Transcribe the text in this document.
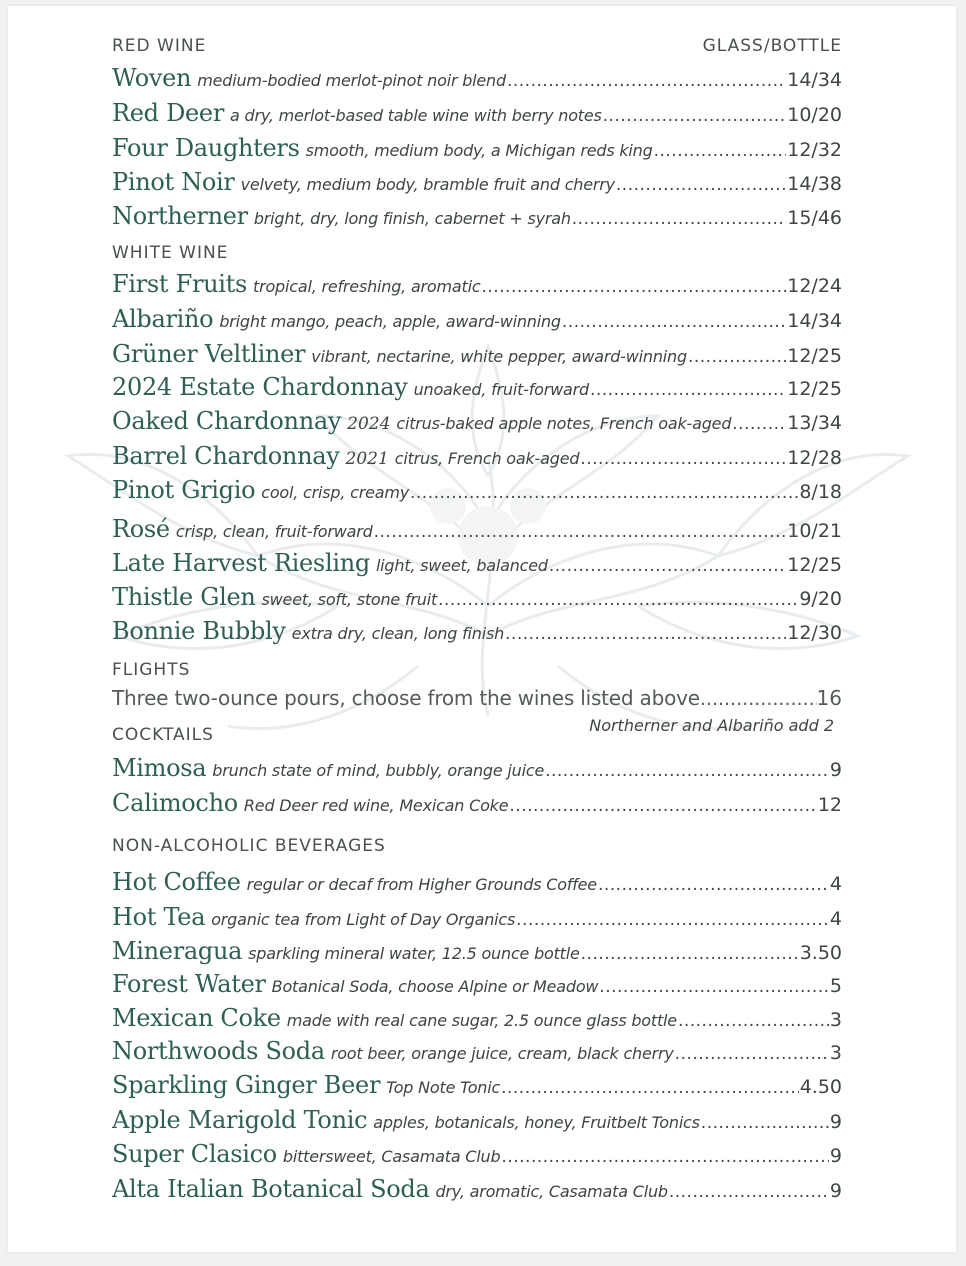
RED WINE	GLASS/BOTTLE
Woven medium-bodied merlot-pinot noir blend .....	14/34
Red Deer a dry, merlot-based table wine with berry notes .....	10/20
Four Daughters smooth, medium body, a Michigan reds king .....	12/32
Pinot Noir velvety, medium body, bramble fruit and cherry .....	14/38
Northerner bright, dry, long finish, cabernet + syrah .....	15/46
WHITE WINE
First Fruits tropical, refreshing, aromatic .....	12/24
Albariño bright mango, peach, apple, award-winning .....	14/34
Grüner Veltliner vibrant, nectarine, white pepper, award-winning .....	12/25
2024 Estate Chardonnay unoaked, fruit-forward .....	12/25
Oaked Chardonnay 2024 citrus-baked apple notes, French oak-aged .....	13/34
Barrel Chardonnay 2021 citrus, French oak-aged .....	12/28
Pinot Grigio cool, crisp, creamy .....	8/18
Rosé crisp, clean, fruit-forward .....	10/21
Late Harvest Riesling light, sweet, balanced .....	12/25
Thistle Glen sweet, soft, stone fruit .....	9/20
Bonnie Bubbly extra dry, clean, long finish .....	12/30
FLIGHTS
Three two-ounce pours, choose from the wines listed above .....	16
Northerner and Albariño add 2
COCKTAILS
Mimosa brunch state of mind, bubbly, orange juice .....	9
Calimocho Red Deer red wine, Mexican Coke .....	12
NON-ALCOHOLIC BEVERAGES
Hot Coffee regular or decaf from Higher Grounds Coffee .....	4
Hot Tea organic tea from Light of Day Organics .....	4
Mineragua sparkling mineral water, 12.5 ounce bottle .....	3.50
Forest Water Botanical Soda, choose Alpine or Meadow .....	5
Mexican Coke made with real cane sugar, 2.5 ounce glass bottle .....	3
Northwoods Soda root beer, orange juice, cream, black cherry .....	3
Sparkling Ginger Beer Top Note Tonic .....	4.50
Apple Marigold Tonic apples, botanicals, honey, Fruitbelt Tonics .....	9
Super Clasico bittersweet, Casamata Club .....	9
Alta Italian Botanical Soda dry, aromatic, Casamata Club .....	9
